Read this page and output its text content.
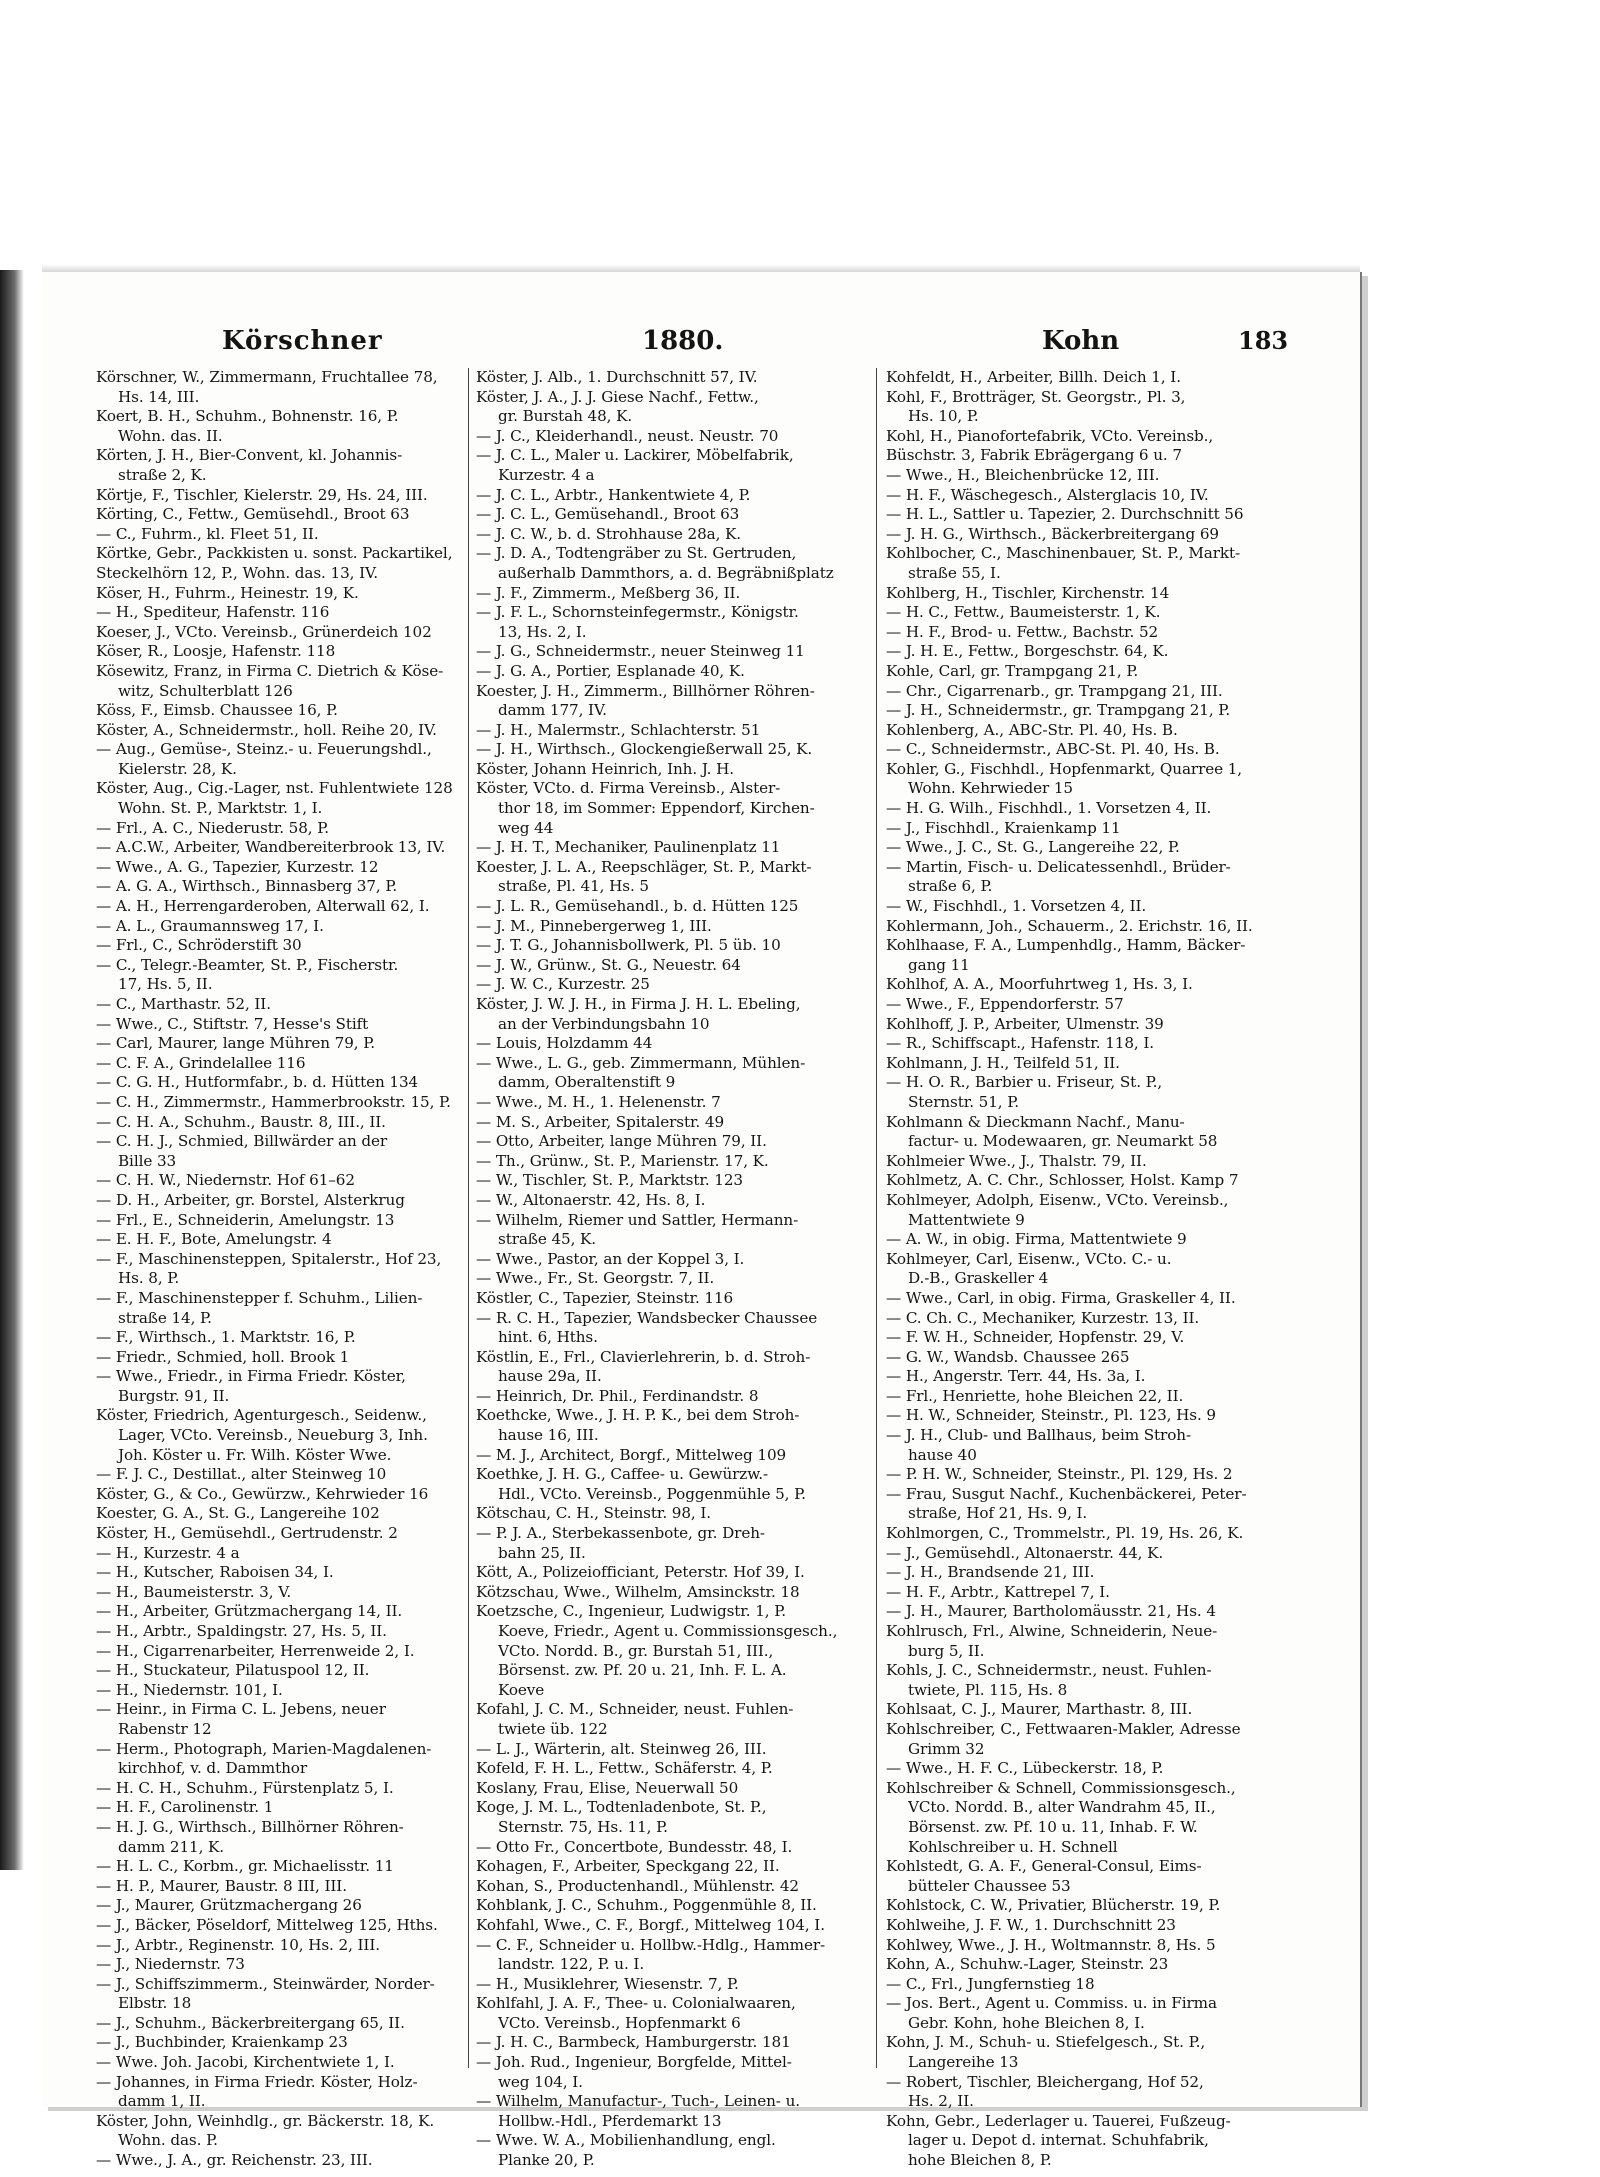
Körschner	1880.	Kohn	183
Körschner, W., Zimmermann, Fruchtallee 78,
Hs. 14, III.
Koert, B. H., Schuhm., Bohnenstr. 16, P.
Wohn. das. II.
Körten, J. H., Bier-Convent, kl. Johannis-
straße 2, K.
Körtje, F., Tischler, Kielerstr. 29, Hs. 24, III.
Körting, C., Fettw., Gemüsehdl., Broot 63
— C., Fuhrm., kl. Fleet 51, II.
Körtke, Gebr., Packkisten u. sonst. Packartikel,
Steckelhörn 12, P., Wohn. das. 13, IV.
Köser, H., Fuhrm., Heinestr. 19, K.
— H., Spediteur, Hafenstr. 116
Koeser, J., VCto. Vereinsb., Grünerdeich 102
Köser, R., Loosje, Hafenstr. 118
Kösewitz, Franz, in Firma C. Dietrich & Köse-
witz, Schulterblatt 126
Köss, F., Eimsb. Chaussee 16, P.
Köster, A., Schneidermstr., holl. Reihe 20, IV.
— Aug., Gemüse-, Steinz.- u. Feuerungshdl.,
Kielerstr. 28, K.
Köster, Aug., Cig.-Lager, nst. Fuhlentwiete 128
Wohn. St. P., Marktstr. 1, I.
— Frl., A. C., Niederustr. 58, P.
— A.C.W., Arbeiter, Wandbereiterbrook 13, IV.
— Wwe., A. G., Tapezier, Kurzestr. 12
— A. G. A., Wirthsch., Binnasberg 37, P.
— A. H., Herrengarderoben, Alterwall 62, I.
— A. L., Graumannsweg 17, I.
— Frl., C., Schröderstift 30
— C., Telegr.-Beamter, St. P., Fischerstr.
17, Hs. 5, II.
— C., Marthastr. 52, II.
— Wwe., C., Stiftstr. 7, Hesse's Stift
— Carl, Maurer, lange Mühren 79, P.
— C. F. A., Grindelallee 116
— C. G. H., Hutformfabr., b. d. Hütten 134
— C. H., Zimmermstr., Hammerbrookstr. 15, P.
— C. H. A., Schuhm., Baustr. 8, III., II.
— C. H. J., Schmied, Billwärder an der
Bille 33
— C. H. W., Niedernstr. Hof 61–62
— D. H., Arbeiter, gr. Borstel, Alsterkrug
— Frl., E., Schneiderin, Amelungstr. 13
— E. H. F., Bote, Amelungstr. 4
— F., Maschinensteppen, Spitalerstr., Hof 23,
Hs. 8, P.
— F., Maschinenstepper f. Schuhm., Lilien-
straße 14, P.
— F., Wirthsch., 1. Marktstr. 16, P.
— Friedr., Schmied, holl. Brook 1
— Wwe., Friedr., in Firma Friedr. Köster,
Burgstr. 91, II.
Köster, Friedrich, Agenturgesch., Seidenw.,
Lager, VCto. Vereinsb., Neueburg 3, Inh.
Joh. Köster u. Fr. Wilh. Köster Wwe.
— F. J. C., Destillat., alter Steinweg 10
Köster, G., & Co., Gewürzw., Kehrwieder 16
Koester, G. A., St. G., Langereihe 102
Köster, H., Gemüsehdl., Gertrudenstr. 2
— H., Kurzestr. 4 a
— H., Kutscher, Raboisen 34, I.
— H., Baumeisterstr. 3, V.
— H., Arbeiter, Grützmachergang 14, II.
— H., Arbtr., Spaldingstr. 27, Hs. 5, II.
— H., Cigarrenarbeiter, Herrenweide 2, I.
— H., Stuckateur, Pilatuspool 12, II.
— H., Niedernstr. 101, I.
— Heinr., in Firma C. L. Jebens, neuer
Rabenstr 12
— Herm., Photograph, Marien-Magdalenen-
kirchhof, v. d. Dammthor
— H. C. H., Schuhm., Fürstenplatz 5, I.
— H. F., Carolinenstr. 1
— H. J. G., Wirthsch., Billhörner Röhren-
damm 211, K.
— H. L. C., Korbm., gr. Michaelisstr. 11
— H. P., Maurer, Baustr. 8 III, III.
— J., Maurer, Grützmachergang 26
— J., Bäcker, Pöseldorf, Mittelweg 125, Hths.
— J., Arbtr., Reginenstr. 10, Hs. 2, III.
— J., Niedernstr. 73
— J., Schiffszimmerm., Steinwärder, Norder-
Elbstr. 18
— J., Schuhm., Bäckerbreitergang 65, II.
— J., Buchbinder, Kraienkamp 23
— Wwe. Joh. Jacobi, Kirchentwiete 1, I.
— Johannes, in Firma Friedr. Köster, Holz-
damm 1, II.
Köster, John, Weinhdlg., gr. Bäckerstr. 18, K.
Wohn. das. P.
— Wwe., J. A., gr. Reichenstr. 23, III.
Köster, J. Alb., 1. Durchschnitt 57, IV.
Köster, J. A., J. J. Giese Nachf., Fettw.,
gr. Burstah 48, K.
— J. C., Kleiderhandl., neust. Neustr. 70
— J. C. L., Maler u. Lackirer, Möbelfabrik,
Kurzestr. 4 a
— J. C. L., Arbtr., Hankentwiete 4, P.
— J. C. L., Gemüsehandl., Broot 63
— J. C. W., b. d. Strohhause 28a, K.
— J. D. A., Todtengräber zu St. Gertruden,
außerhalb Dammthors, a. d. Begräbnißplatz
— J. F., Zimmerm., Meßberg 36, II.
— J. F. L., Schornsteinfegermstr., Königstr.
13, Hs. 2, I.
— J. G., Schneidermstr., neuer Steinweg 11
— J. G. A., Portier, Esplanade 40, K.
Koester, J. H., Zimmerm., Billhörner Röhren-
damm 177, IV.
— J. H., Malermstr., Schlachterstr. 51
— J. H., Wirthsch., Glockengießerwall 25, K.
Köster, Johann Heinrich, Inh. J. H.
Köster, VCto. d. Firma Vereinsb., Alster-
thor 18, im Sommer: Eppendorf, Kirchen-
weg 44
— J. H. T., Mechaniker, Paulinenplatz 11
Koester, J. L. A., Reepschläger, St. P., Markt-
straße, Pl. 41, Hs. 5
— J. L. R., Gemüsehandl., b. d. Hütten 125
— J. M., Pinnebergerweg 1, III.
— J. T. G., Johannisbollwerk, Pl. 5 üb. 10
— J. W., Grünw., St. G., Neuestr. 64
— J. W. C., Kurzestr. 25
Köster, J. W. J. H., in Firma J. H. L. Ebeling,
an der Verbindungsbahn 10
— Louis, Holzdamm 44
— Wwe., L. G., geb. Zimmermann, Mühlen-
damm, Oberaltenstift 9
— Wwe., M. H., 1. Helenenstr. 7
— M. S., Arbeiter, Spitalerstr. 49
— Otto, Arbeiter, lange Mühren 79, II.
— Th., Grünw., St. P., Marienstr. 17, K.
— W., Tischler, St. P., Marktstr. 123
— W., Altonaerstr. 42, Hs. 8, I.
— Wilhelm, Riemer und Sattler, Hermann-
straße 45, K.
— Wwe., Pastor, an der Koppel 3, I.
— Wwe., Fr., St. Georgstr. 7, II.
Köstler, C., Tapezier, Steinstr. 116
— R. C. H., Tapezier, Wandsbecker Chaussee
hint. 6, Hths.
Köstlin, E., Frl., Clavierlehrerin, b. d. Stroh-
hause 29a, II.
— Heinrich, Dr. Phil., Ferdinandstr. 8
Koethcke, Wwe., J. H. P. K., bei dem Stroh-
hause 16, III.
— M. J., Architect, Borgf., Mittelweg 109
Koethke, J. H. G., Caffee- u. Gewürzw.-
Hdl., VCto. Vereinsb., Poggenmühle 5, P.
Kötschau, C. H., Steinstr. 98, I.
— P. J. A., Sterbekassenbote, gr. Dreh-
bahn 25, II.
Kött, A., Polizeiofficiant, Peterstr. Hof 39, I.
Kötzschau, Wwe., Wilhelm, Amsinckstr. 18
Koetzsche, C., Ingenieur, Ludwigstr. 1, P.
Koeve, Friedr., Agent u. Commissionsgesch.,
VCto. Nordd. B., gr. Burstah 51, III.,
Börsenst. zw. Pf. 20 u. 21, Inh. F. L. A.
Koeve
Kofahl, J. C. M., Schneider, neust. Fuhlen-
twiete üb. 122
— L. J., Wärterin, alt. Steinweg 26, III.
Kofeld, F. H. L., Fettw., Schäferstr. 4, P.
Koslany, Frau, Elise, Neuerwall 50
Koge, J. M. L., Todtenladenbote, St. P.,
Sternstr. 75, Hs. 11, P.
— Otto Fr., Concertbote, Bundesstr. 48, I.
Kohagen, F., Arbeiter, Speckgang 22, II.
Kohan, S., Productenhandl., Mühlenstr. 42
Kohblank, J. C., Schuhm., Poggenmühle 8, II.
Kohfahl, Wwe., C. F., Borgf., Mittelweg 104, I.
— C. F., Schneider u. Hollbw.-Hdlg., Hammer-
landstr. 122, P. u. I.
— H., Musiklehrer, Wiesenstr. 7, P.
Kohlfahl, J. A. F., Thee- u. Colonialwaaren,
VCto. Vereinsb., Hopfenmarkt 6
— J. H. C., Barmbeck, Hamburgerstr. 181
— Joh. Rud., Ingenieur, Borgfelde, Mittel-
weg 104, I.
— Wilhelm, Manufactur-, Tuch-, Leinen- u.
Hollbw.-Hdl., Pferdemarkt 13
— Wwe. W. A., Mobilienhandlung, engl.
Planke 20, P.
Kohfeldt, H., Arbeiter, Billh. Deich 1, I.
Kohl, F., Brotträger, St. Georgstr., Pl. 3,
Hs. 10, P.
Kohl, H., Pianofortefabrik, VCto. Vereinsb.,
Büschstr. 3, Fabrik Ebrägergang 6 u. 7
— Wwe., H., Bleichenbrücke 12, III.
— H. F., Wäschegesch., Alsterglacis 10, IV.
— H. L., Sattler u. Tapezier, 2. Durchschnitt 56
— J. H. G., Wirthsch., Bäckerbreitergang 69
Kohlbocher, C., Maschinenbauer, St. P., Markt-
straße 55, I.
Kohlberg, H., Tischler, Kirchenstr. 14
— H. C., Fettw., Baumeisterstr. 1, K.
— H. F., Brod- u. Fettw., Bachstr. 52
— J. H. E., Fettw., Borgeschstr. 64, K.
Kohle, Carl, gr. Trampgang 21, P.
— Chr., Cigarrenarb., gr. Trampgang 21, III.
— J. H., Schneidermstr., gr. Trampgang 21, P.
Kohlenberg, A., ABC-Str. Pl. 40, Hs. B.
— C., Schneidermstr., ABC-St. Pl. 40, Hs. B.
Kohler, G., Fischhdl., Hopfenmarkt, Quarree 1,
Wohn. Kehrwieder 15
— H. G. Wilh., Fischhdl., 1. Vorsetzen 4, II.
— J., Fischhdl., Kraienkamp 11
— Wwe., J. C., St. G., Langereihe 22, P.
— Martin, Fisch- u. Delicatessenhdl., Brüder-
straße 6, P.
— W., Fischhdl., 1. Vorsetzen 4, II.
Kohlermann, Joh., Schauerm., 2. Erichstr. 16, II.
Kohlhaase, F. A., Lumpenhdlg., Hamm, Bäcker-
gang 11
Kohlhof, A. A., Moorfuhrtweg 1, Hs. 3, I.
— Wwe., F., Eppendorferstr. 57
Kohlhoff, J. P., Arbeiter, Ulmenstr. 39
— R., Schiffscapt., Hafenstr. 118, I.
Kohlmann, J. H., Teilfeld 51, II.
— H. O. R., Barbier u. Friseur, St. P.,
Sternstr. 51, P.
Kohlmann & Dieckmann Nachf., Manu-
factur- u. Modewaaren, gr. Neumarkt 58
Kohlmeier Wwe., J., Thalstr. 79, II.
Kohlmetz, A. C. Chr., Schlosser, Holst. Kamp 7
Kohlmeyer, Adolph, Eisenw., VCto. Vereinsb.,
Mattentwiete 9
— A. W., in obig. Firma, Mattentwiete 9
Kohlmeyer, Carl, Eisenw., VCto. C.- u.
D.-B., Graskeller 4
— Wwe., Carl, in obig. Firma, Graskeller 4, II.
— C. Ch. C., Mechaniker, Kurzestr. 13, II.
— F. W. H., Schneider, Hopfenstr. 29, V.
— G. W., Wandsb. Chaussee 265
— H., Angerstr. Terr. 44, Hs. 3a, I.
— Frl., Henriette, hohe Bleichen 22, II.
— H. W., Schneider, Steinstr., Pl. 123, Hs. 9
— J. H., Club- und Ballhaus, beim Stroh-
hause 40
— P. H. W., Schneider, Steinstr., Pl. 129, Hs. 2
— Frau, Susgut Nachf., Kuchenbäckerei, Peter-
straße, Hof 21, Hs. 9, I.
Kohlmorgen, C., Trommelstr., Pl. 19, Hs. 26, K.
— J., Gemüsehdl., Altonaerstr. 44, K.
— J. H., Brandsende 21, III.
— H. F., Arbtr., Kattrepel 7, I.
— J. H., Maurer, Bartholomäusstr. 21, Hs. 4
Kohlrusch, Frl., Alwine, Schneiderin, Neue-
burg 5, II.
Kohls, J. C., Schneidermstr., neust. Fuhlen-
twiete, Pl. 115, Hs. 8
Kohlsaat, C. J., Maurer, Marthastr. 8, III.
Kohlschreiber, C., Fettwaaren-Makler, Adresse
Grimm 32
— Wwe., H. F. C., Lübeckerstr. 18, P.
Kohlschreiber & Schnell, Commissionsgesch.,
VCto. Nordd. B., alter Wandrahm 45, II.,
Börsenst. zw. Pf. 10 u. 11, Inhab. F. W.
Kohlschreiber u. H. Schnell
Kohlstedt, G. A. F., General-Consul, Eims-
bütteler Chaussee 53
Kohlstock, C. W., Privatier, Blücherstr. 19, P.
Kohlweihe, J. F. W., 1. Durchschnitt 23
Kohlwey, Wwe., J. H., Woltmannstr. 8, Hs. 5
Kohn, A., Schuhw.-Lager, Steinstr. 23
— C., Frl., Jungfernstieg 18
— Jos. Bert., Agent u. Commiss. u. in Firma
Gebr. Kohn, hohe Bleichen 8, I.
Kohn, J. M., Schuh- u. Stiefelgesch., St. P.,
Langereihe 13
— Robert, Tischler, Bleichergang, Hof 52,
Hs. 2, II.
Kohn, Gebr., Lederlager u. Tauerei, Fußzeug-
lager u. Depot d. internat. Schuhfabrik,
hohe Bleichen 8, P.
